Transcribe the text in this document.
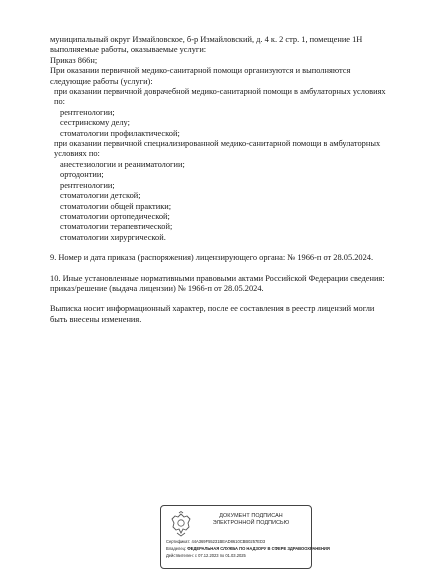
муниципальный округ Измайловское, б-р Измайловский, д. 4 к. 2 стр. 1, помещение 1Н

выполняемые работы, оказываемые услуги:

Приказ 866н;

При оказании первичной медико-санитарной помощи организуются и выполняются следующие работы (услуги):

при оказании первичной доврачебной медико-санитарной помощи в амбулаторных условиях по:

рентгенологии;

сестринскому делу;

стоматологии профилактической;

при оказании первичной специализированной медико-санитарной помощи в амбулаторных условиях по:

анестезиологии и реаниматологии;

ортодонтии;

рентгенологии;

стоматологии детской;

стоматологии общей практики;

стоматологии ортопедической;

стоматологии терапевтической;

стоматологии хирургической.

9. Номер и дата приказа (распоряжения) лицензирующего органа: № 1966-п от 28.05.2024.

10. Иные установленные нормативными правовыми актами Российской Федерации сведения: приказ/решение (выдача лицензии) № 1966-п от 28.05.2024.

Выписка носит информационный характер, после ее составления в реестр лицензий могли быть внесены изменения.

ДОКУМЕНТ ПОДПИСАН
ЭЛЕКТРОННОЙ ПОДПИСЬЮ
Сертификат: 44A369F55231BEAD8610CBB0257ED3
Владелец: ФЕДЕРАЛЬНАЯ СЛУЖБА ПО НАДЗОРУ В СФЕРЕ ЗДРАВООХРАНЕНИЯ
Действителен: с 07.12.2023 по 01.03.2025
